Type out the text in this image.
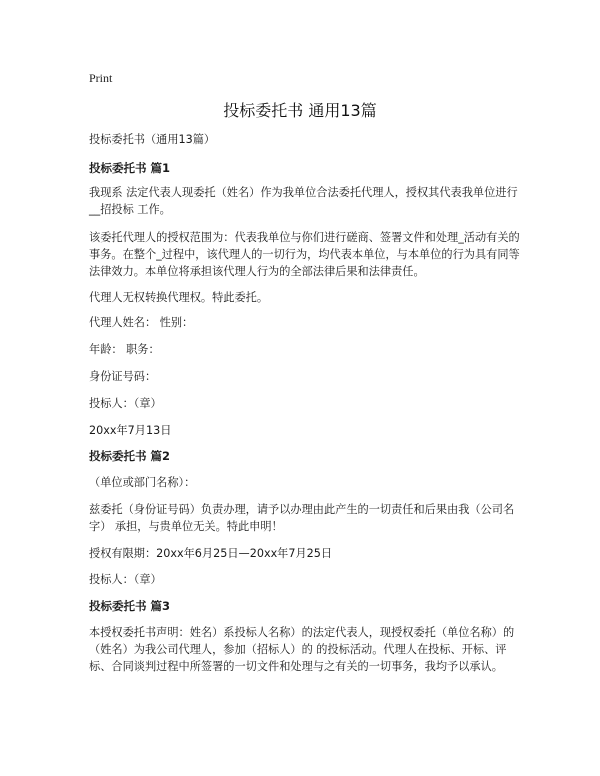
Print
投标委托书 通用13篇
投标委托书（通用13篇）
投标委托书 篇1
我现系 法定代表人现委托（姓名）作为我单位合法委托代理人，授权其代表我单位进行__招投标 工作。
该委托代理人的授权范围为：代表我单位与你们进行磋商、签署文件和处理_活动有关的事务。在整个_过程中，该代理人的一切行为，均代表本单位，与本单位的行为具有同等法律效力。本单位将承担该代理人行为的全部法律后果和法律责任。
代理人无权转换代理权。特此委托。
代理人姓名： 性别：
年龄： 职务：
身份证号码：
投标人：（章）
20xx年7月13日
投标委托书 篇2
（单位或部门名称）：
兹委托（身份证号码）负责办理，请予以办理由此产生的一切责任和后果由我（公司名字） 承担，与贵单位无关。特此申明！
授权有限期：20xx年6月25日—20xx年7月25日
投标人：（章）
投标委托书 篇3
本授权委托书声明：姓名）系投标人名称）的法定代表人，现授权委托（单位名称）的（姓名）为我公司代理人，参加（招标人）的 的投标活动。代理人在投标、开标、评标、合同谈判过程中所签署的一切文件和处理与之有关的一切事务，我均予以承认。
